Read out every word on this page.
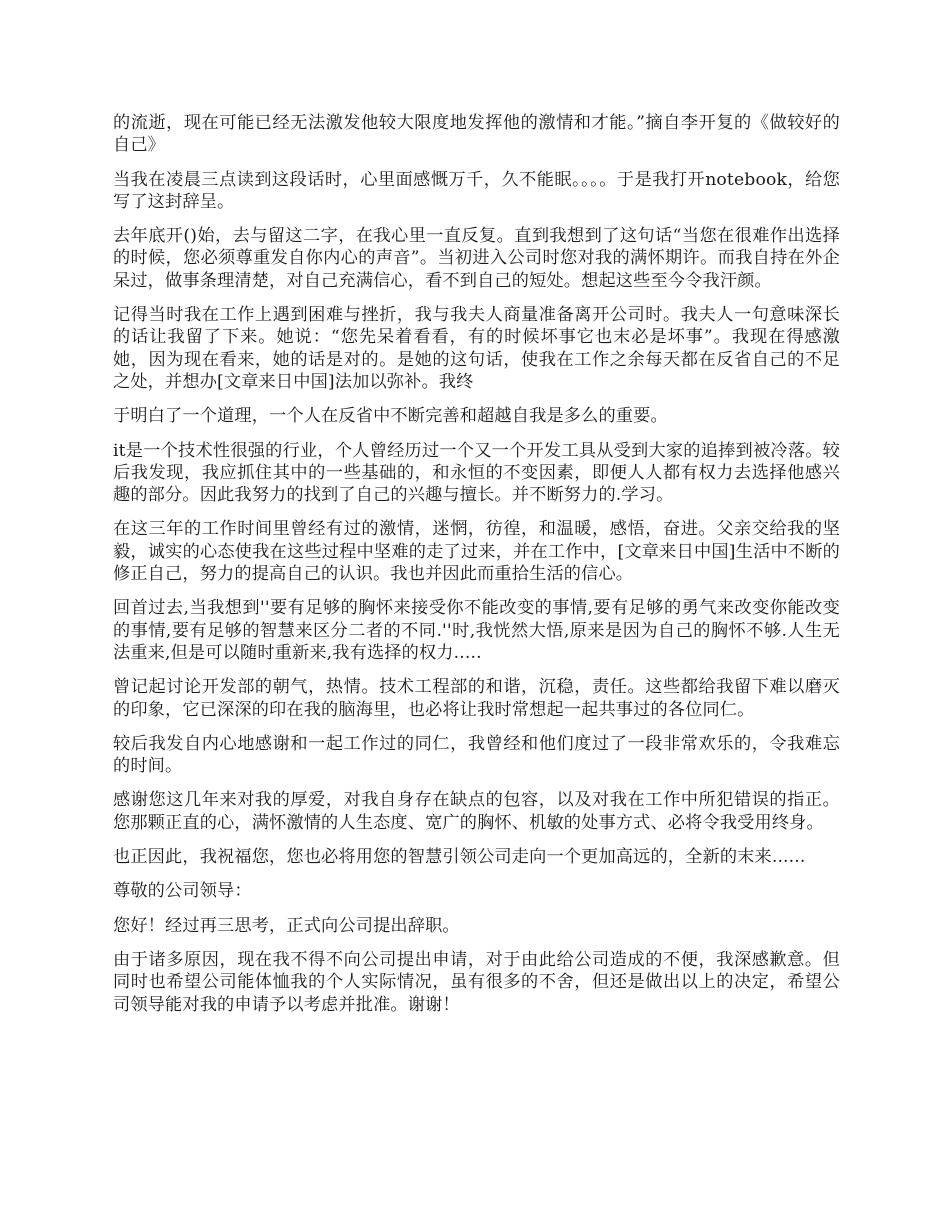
的流逝，现在可能已经无法激发他较大限度地发挥他的激情和才能。”摘自李开复的《做较好的自己》

当我在凌晨三点读到这段话时，心里面感慨万千，久不能眠。。。。于是我打开notebook，给您写了这封辞呈。

去年底开()始，去与留这二字，在我心里一直反复。直到我想到了这句话“当您在很难作出选择的时候，您必须尊重发自你内心的声音”。当初进入公司时您对我的满怀期许。而我自持在外企呆过，做事条理清楚，对自己充满信心，看不到自己的短处。想起这些至今令我汗颜。

记得当时我在工作上遇到困难与挫折，我与我夫人商量准备离开公司时。我夫人一句意味深长的话让我留了下来。她说：“您先呆着看看，有的时候坏事它也末必是坏事”。我现在得感激她，因为现在看来，她的话是对的。是她的这句话，使我在工作之余每天都在反省自己的不足之处，并想办[文章来日中国]法加以弥补。我终

于明白了一个道理，一个人在反省中不断完善和超越自我是多么的重要。

it是一个技术性很强的行业，个人曾经历过一个又一个开发工具从受到大家的追捧到被冷落。较后我发现，我应抓住其中的一些基础的，和永恒的不变因素，即便人人都有权力去选择他感兴趣的部分。因此我努力的找到了自己的兴趣与擅长。并不断努力的.学习。

在这三年的工作时间里曾经有过的激情，迷惘，彷徨，和温暖，感悟，奋进。父亲交给我的坚毅，诚实的心态使我在这些过程中坚难的走了过来，并在工作中，[文章来日中国]生活中不断的修正自己，努力的提高自己的认识。我也并因此而重拾生活的信心。

回首过去,当我想到''要有足够的胸怀来接受你不能改变的事情,要有足够的勇气来改变你能改变的事情,要有足够的智慧来区分二者的不同.''时,我恍然大悟,原来是因为自己的胸怀不够.人生无法重来,但是可以随时重新来,我有选择的权力.....

曾记起讨论开发部的朝气，热情。技术工程部的和谐，沉稳，责任。这些都给我留下难以磨灭的印象，它已深深的印在我的脑海里，也必将让我时常想起一起共事过的各位同仁。

较后我发自内心地感谢和一起工作过的同仁，我曾经和他们度过了一段非常欢乐的，令我难忘的时间。

感谢您这几年来对我的厚爱，对我自身存在缺点的包容，以及对我在工作中所犯错误的指正。您那颗正直的心，满怀激情的人生态度、宽广的胸怀、机敏的处事方式、必将令我受用终身。

也正因此，我祝福您，您也必将用您的智慧引领公司走向一个更加高远的，全新的末来......

尊敬的公司领导：

您好！经过再三思考，正式向公司提出辞职。

由于诸多原因，现在我不得不向公司提出申请，对于由此给公司造成的不便，我深感歉意。但同时也希望公司能体恤我的个人实际情况，虽有很多的不舍，但还是做出以上的决定，希望公司领导能对我的申请予以考虑并批准。谢谢！
